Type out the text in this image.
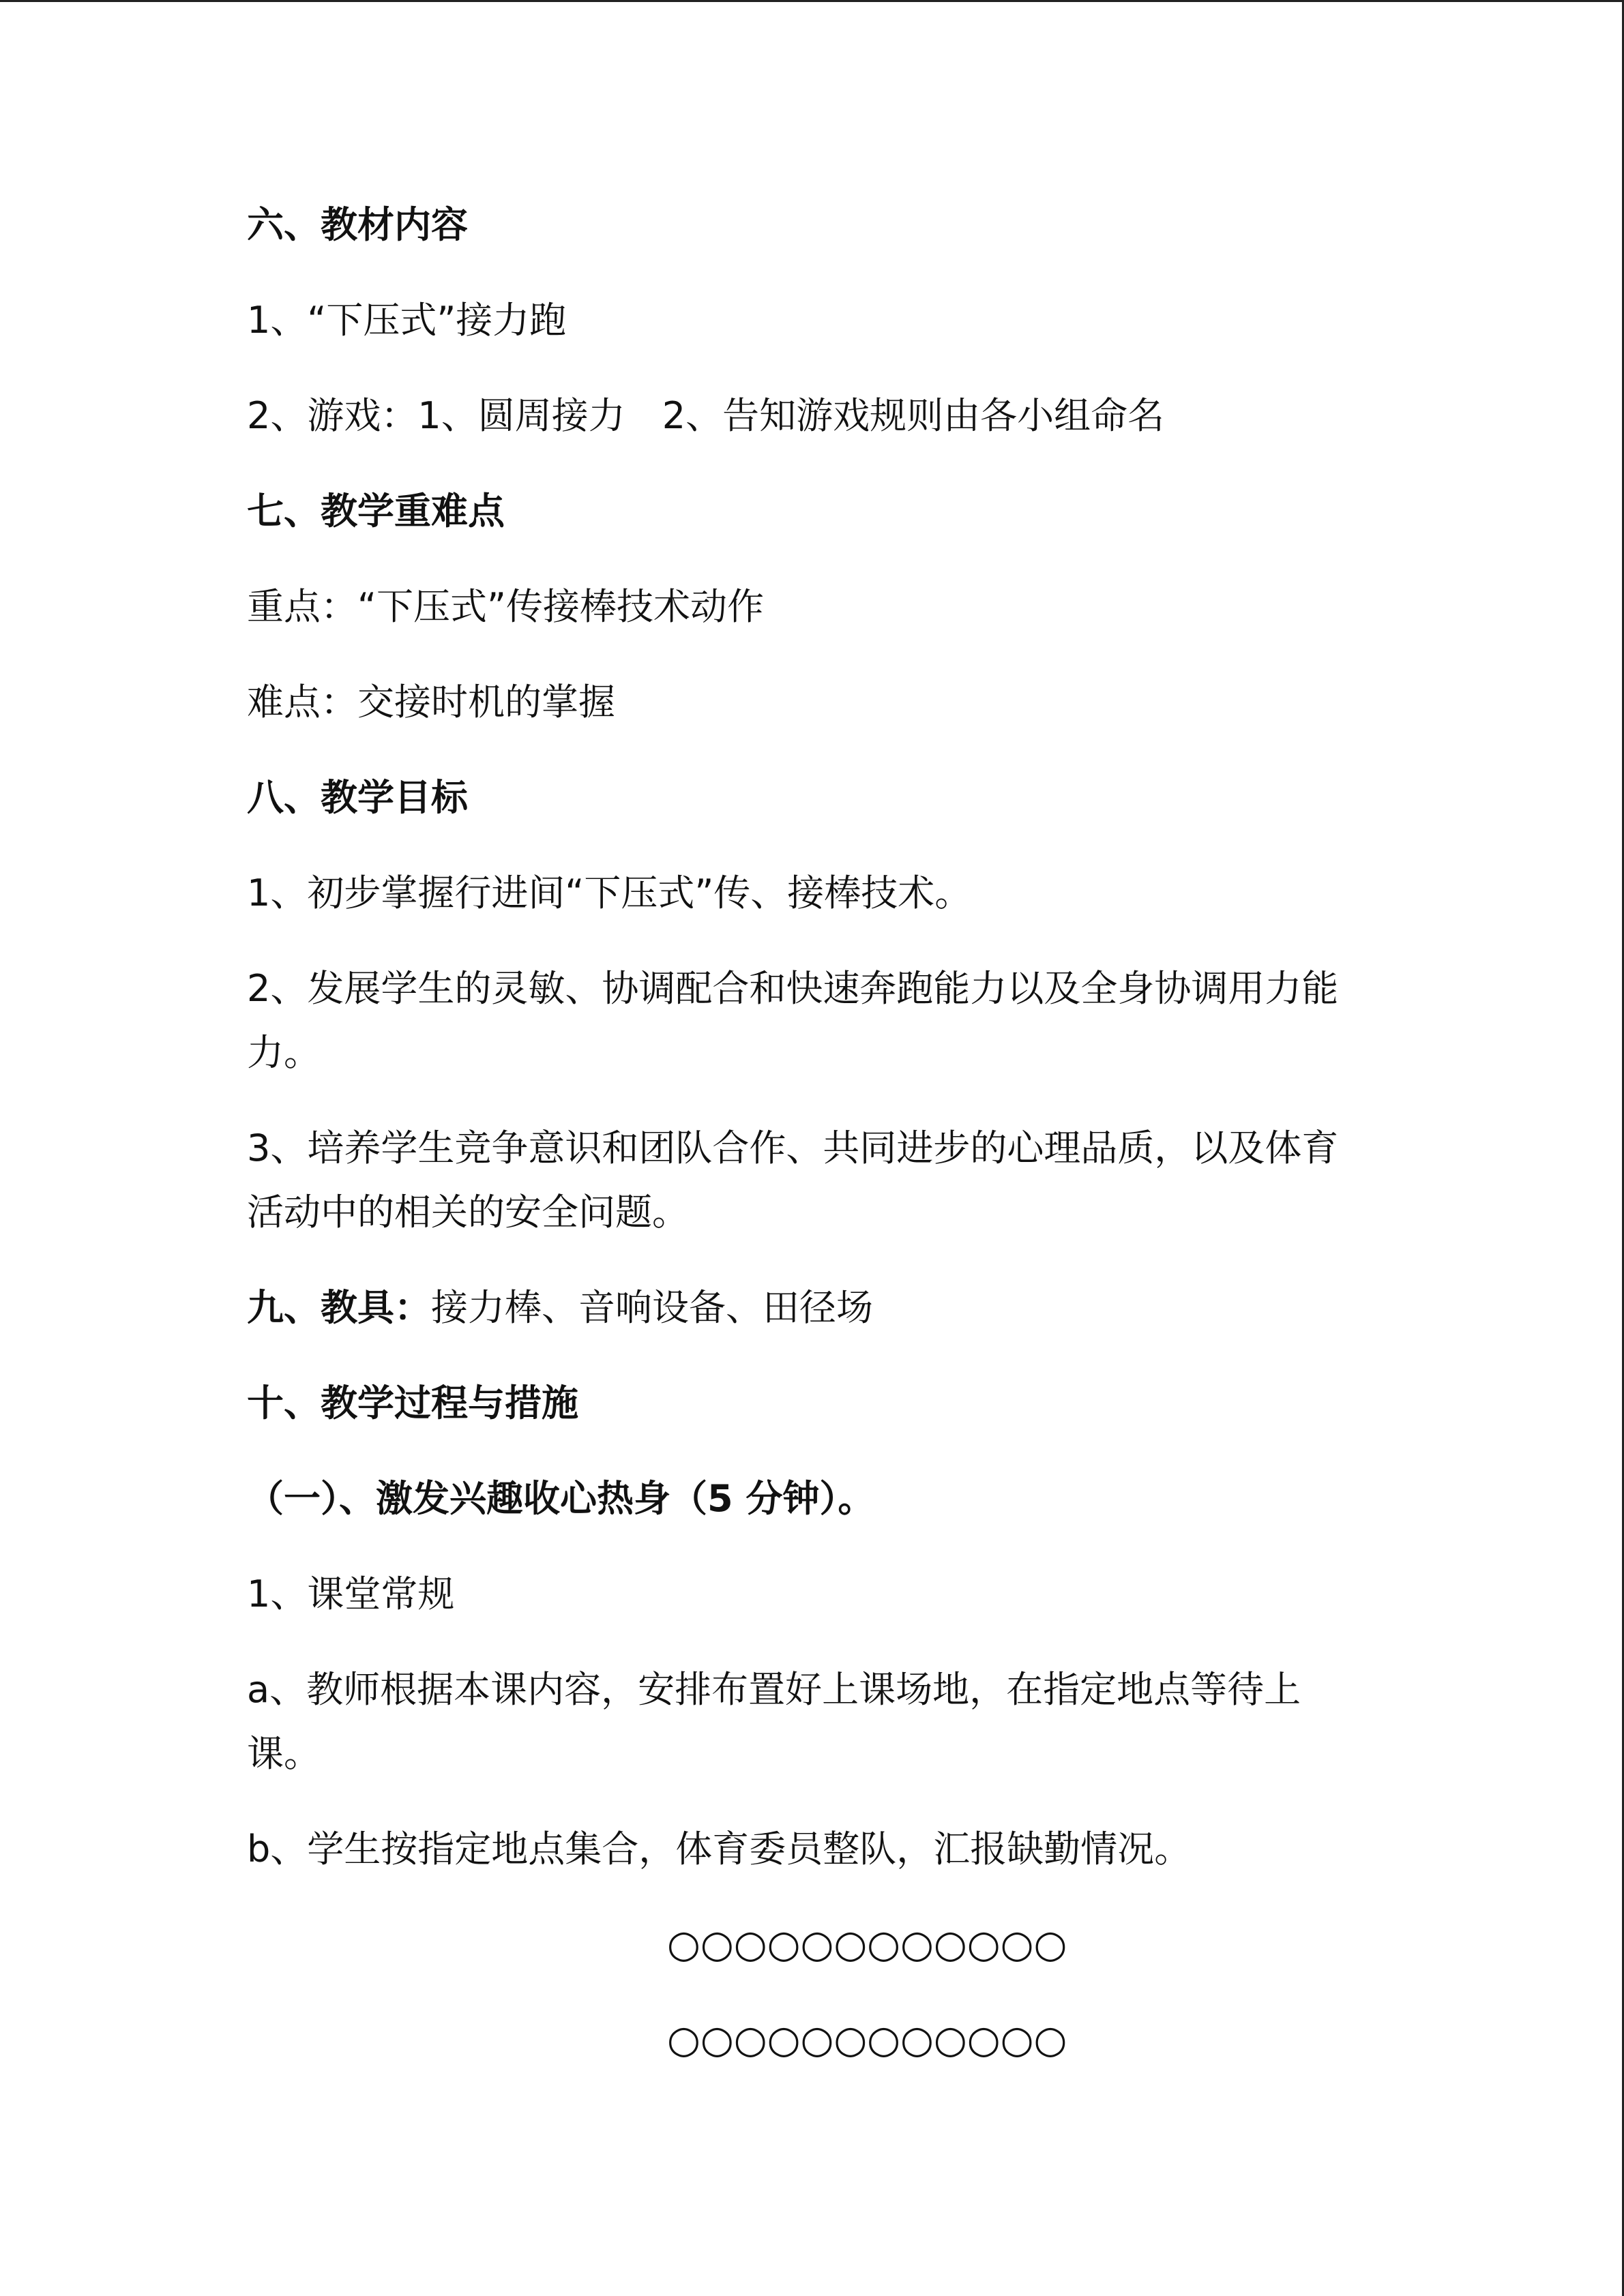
六、教材内容
1、“下压式”接力跑
2、游戏：1、圆周接力　2、告知游戏规则由各小组命名
七、教学重难点
重点：“下压式”传接棒技术动作
难点：交接时机的掌握
八、教学目标
1、初步掌握行进间“下压式”传、接棒技术。
2、发展学生的灵敏、协调配合和快速奔跑能力以及全身协调用力能
力。
3、培养学生竞争意识和团队合作、共同进步的心理品质，以及体育
活动中的相关的安全问题。
九、教具：接力棒、音响设备、田径场
十、教学过程与措施
（一）、激发兴趣收心热身（5 分钟）。
1、课堂常规
a、教师根据本课内容，安排布置好上课场地，在指定地点等待上
课。
b、学生按指定地点集合，体育委员整队，汇报缺勤情况。
○○○○○○○○○○○○
○○○○○○○○○○○○
